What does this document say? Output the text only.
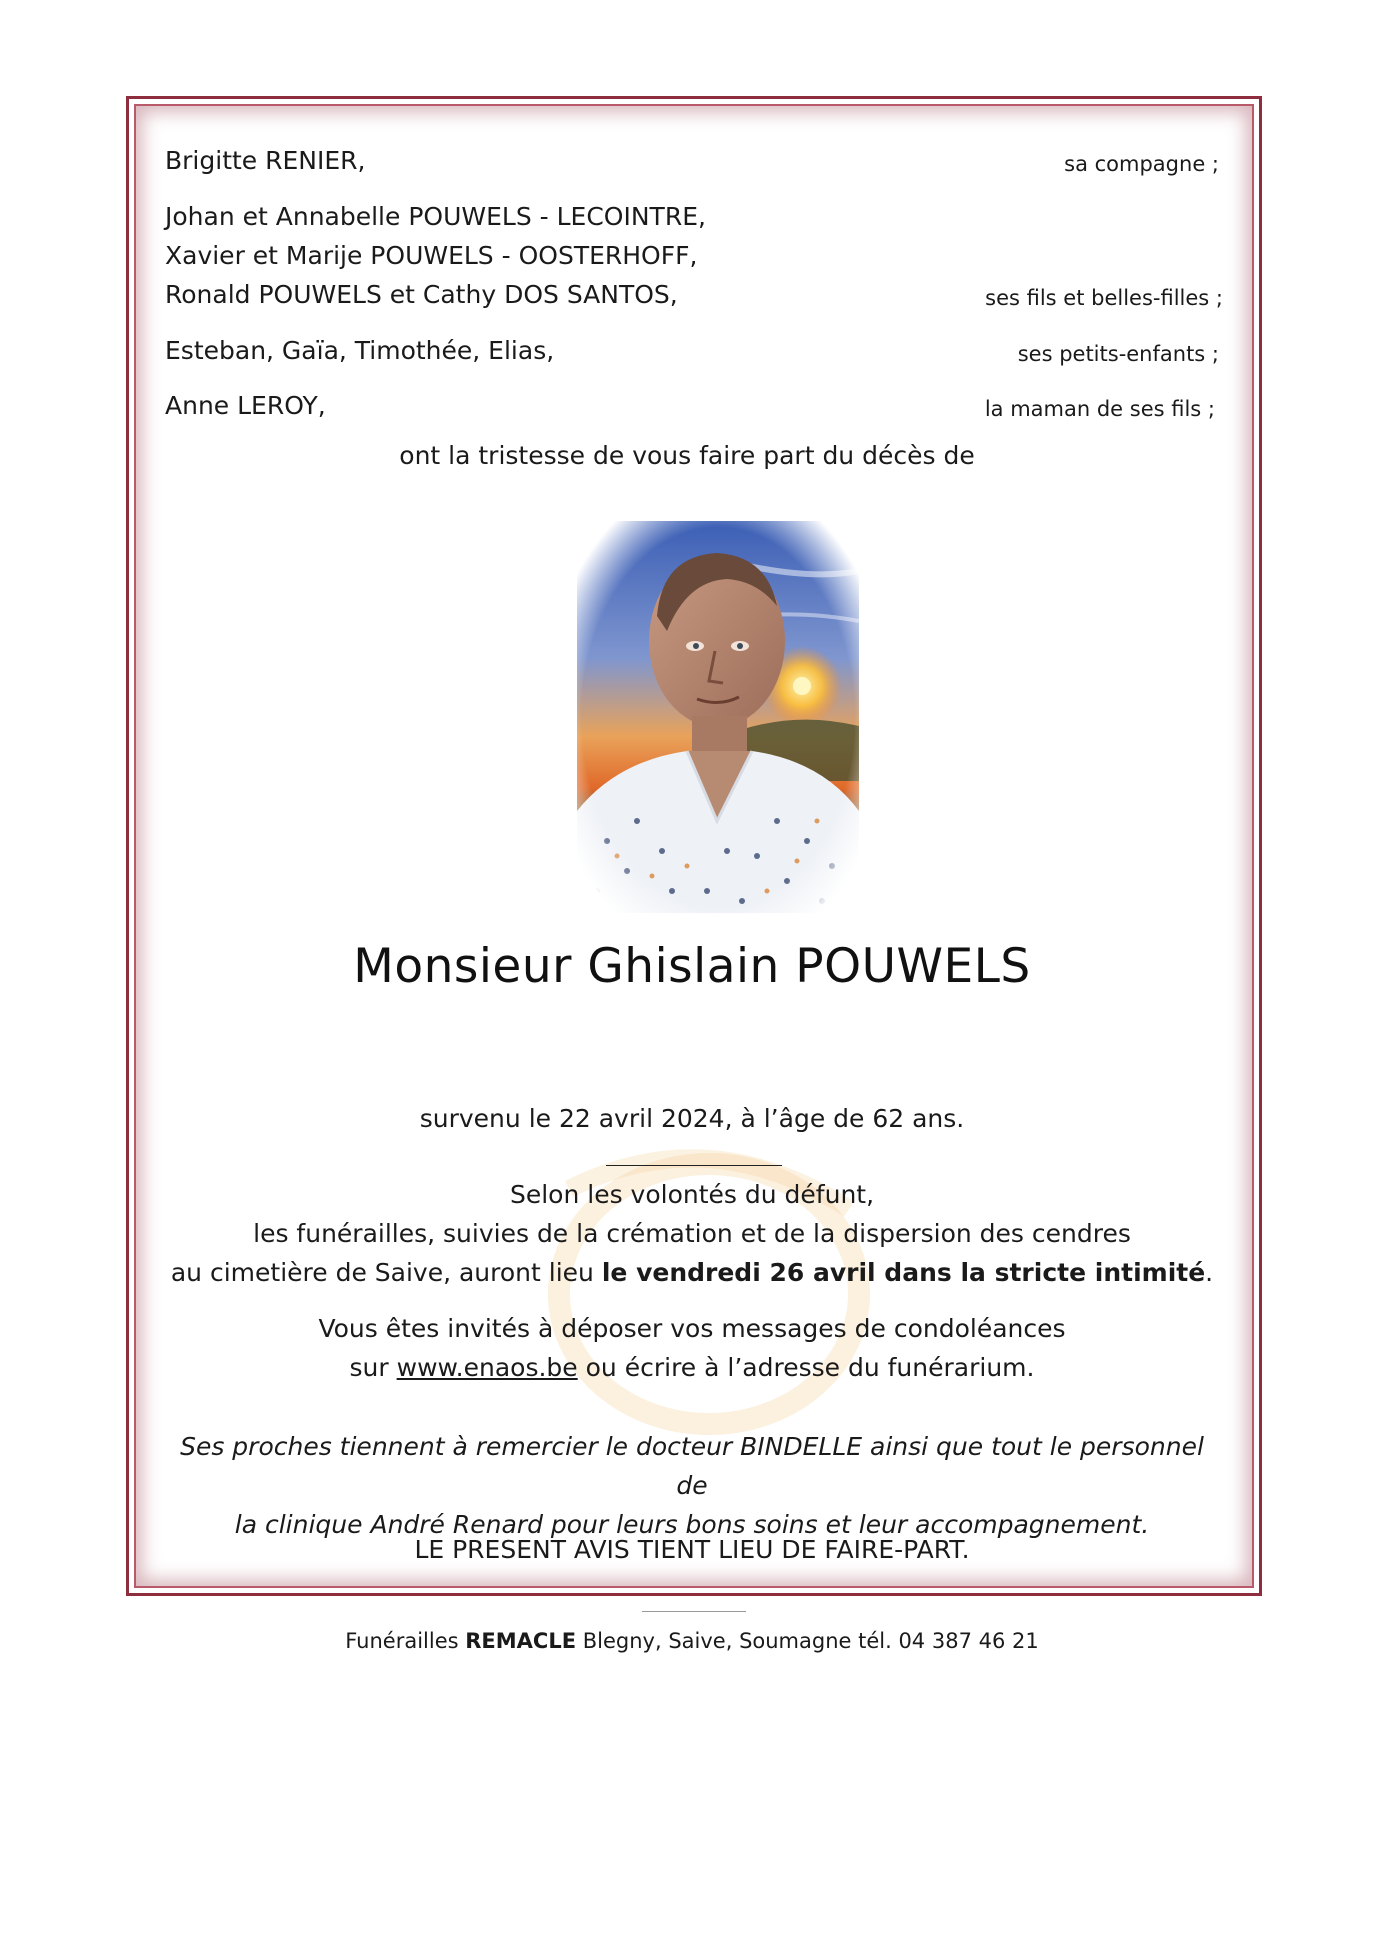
Brigitte RENIER,	sa compagne ;
Johan et Annabelle POUWELS - LECOINTRE,
Xavier et Marije POUWELS - OOSTERHOFF,
Ronald POUWELS et Cathy DOS SANTOS,	ses fils et belles-filles ;
Esteban, Gaïa, Timothée, Elias,	ses petits-enfants ;
Anne LEROY,	la maman de ses fils ;
ont la tristesse de vous faire part du décès de
Monsieur Ghislain POUWELS
survenu le 22 avril 2024, à l’âge de 62 ans.
Selon les volontés du défunt,
les funérailles, suivies de la crémation et de la dispersion des cendres
au cimetière de Saive, auront lieu le vendredi 26 avril dans la stricte intimité.
Vous êtes invités à déposer vos messages de condoléances
sur www.enaos.be ou écrire à l’adresse du funérarium.
Ses proches tiennent à remercier le docteur BINDELLE ainsi que tout le personnel de
la clinique André Renard pour leurs bons soins et leur accompagnement.
LE PRESENT AVIS TIENT LIEU DE FAIRE-PART.
Funérailles REMACLE Blegny, Saive, Soumagne tél. 04 387 46 21
